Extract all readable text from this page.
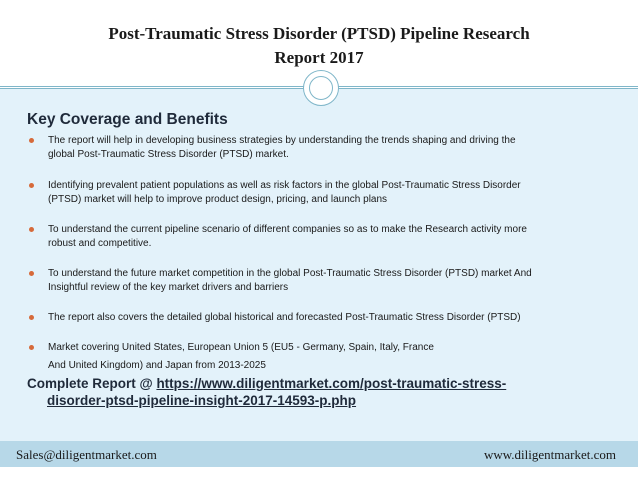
Post-Traumatic Stress Disorder (PTSD) Pipeline Research
Report 2017
Key Coverage and Benefits
The report will help in developing business strategies by understanding the trends shaping and driving the
global Post-Traumatic Stress Disorder (PTSD) market.
Identifying prevalent patient populations as well as risk factors in the global Post-Traumatic Stress Disorder
(PTSD) market will help to improve product design, pricing, and launch plans
To understand the current pipeline scenario of different companies so as to make the Research activity more
robust and competitive.
To understand the future market competition in the global Post-Traumatic Stress Disorder (PTSD) market And
Insightful review of the key market drivers and barriers
The report also covers the detailed global historical and forecasted Post-Traumatic Stress Disorder (PTSD)
Market covering United States, European Union 5 (EU5 - Germany, Spain, Italy, France
And United Kingdom) and Japan from 2013-2025
Complete Report @ https://www.diligentmarket.com/post-traumatic-stress-
disorder-ptsd-pipeline-insight-2017-14593-p.php
Sales@diligentmarket.com	www.diligentmarket.com
